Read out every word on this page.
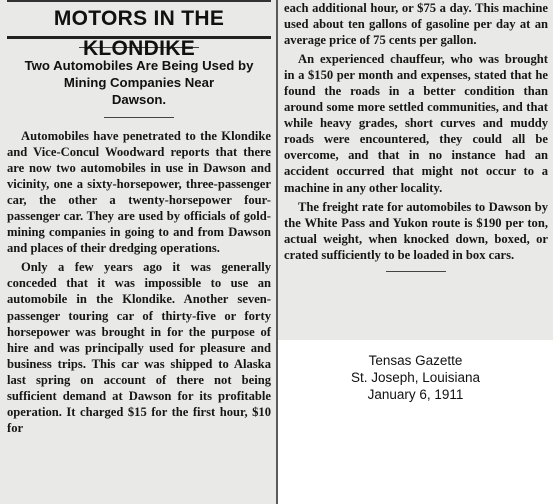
MOTORS IN THE KLONDIKE
Two Automobiles Are Being Used by
Mining Companies Near
Dawson.

Automobiles have penetrated to the Klondike and Vice-Concul Woodward reports that there are now two automobiles in use in Dawson and vicinity, one a sixty-horsepower, three-passenger car, the other a twenty-horsepower four-passenger car. They are used by officials of gold-mining companies in going to and from Dawson and places of their dredging operations.

Only a few years ago it was generally conceded that it was impossible to use an automobile in the Klondike. Another seven-passenger touring car of thirty-five or forty horsepower was brought in for the purpose of hire and was principally used for pleasure and business trips. This car was shipped to Alaska last spring on account of there not being sufficient demand at Dawson for its profitable operation. It charged $15 for the first hour, $10 for

each additional hour, or $75 a day. This machine used about ten gallons of gasoline per day at an average price of 75 cents per gallon.

An experienced chauffeur, who was brought in a $150 per month and expenses, stated that he found the roads in a better condition than around some more settled communities, and that while heavy grades, short curves and muddy roads were encountered, they could all be overcome, and that in no instance had an accident occurred that might not occur to a machine in any other locality.

The freight rate for automobiles to Dawson by the White Pass and Yukon route is $190 per ton, actual weight, when knocked down, boxed, or crated sufficiently to be loaded in box cars.

Tensas Gazette
St. Joseph, Louisiana
January 6, 1911
